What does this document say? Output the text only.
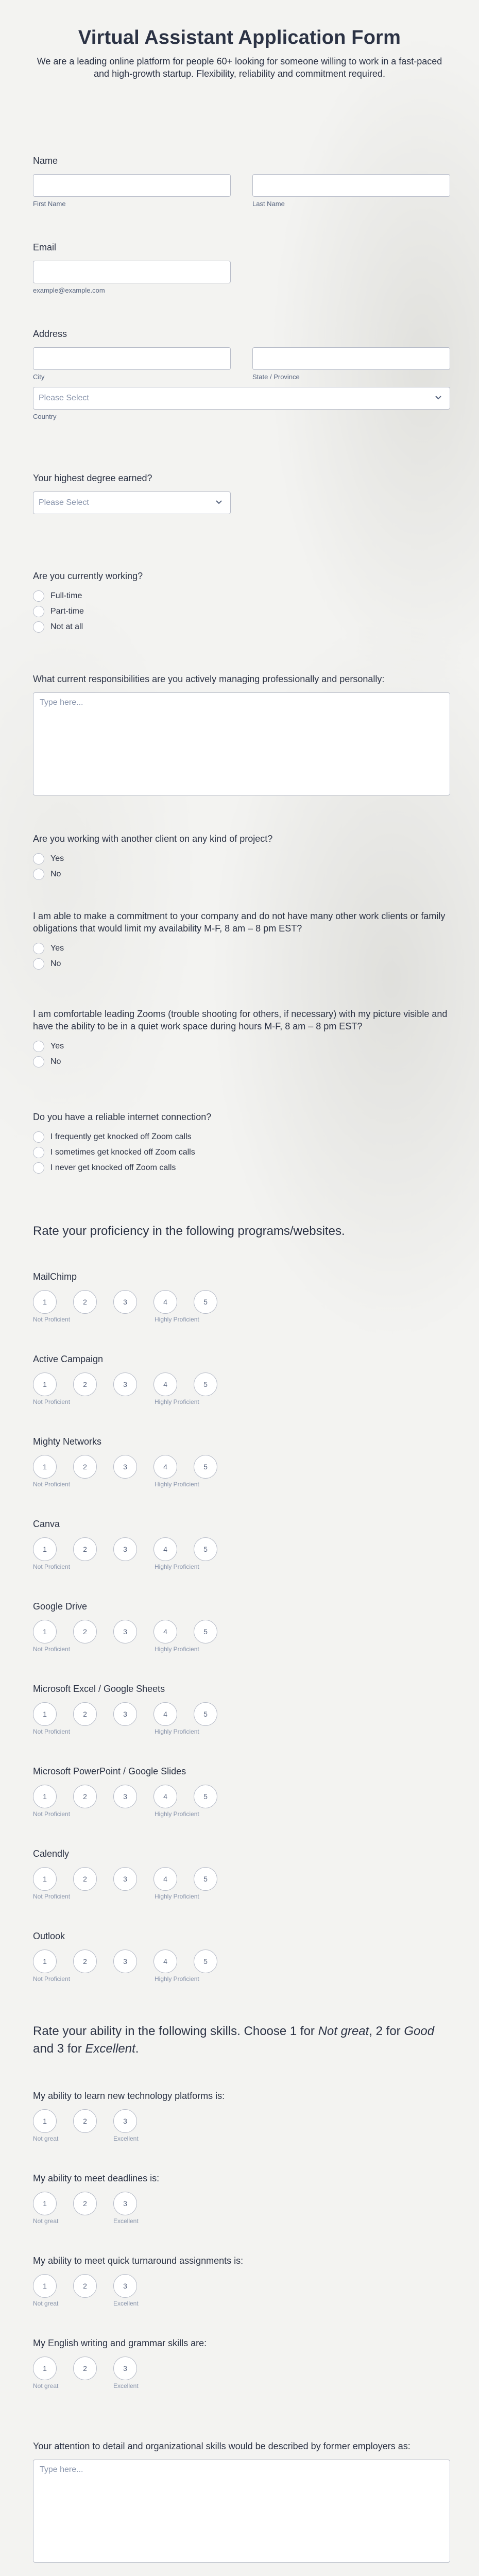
Virtual Assistant Application Form

We are a leading online platform for people 60+ looking for someone willing to work in a fast-paced and high-growth startup. Flexibility, reliability and commitment required.

Name
First Name	Last Name
Email
example@example.com
Address
City	State / Province
Please Select
Country
Your highest degree earned?
Please Select
Are you currently working?
Full-time
Part-time
Not at all
What current responsibilities are you actively managing professionally and personally:
Type here...
Are you working with another client on any kind of project?
Yes
No
I am able to make a commitment to your company and do not have many other work clients or family obligations that would limit my availability M-F, 8 am – 8 pm EST?
Yes
No
I am comfortable leading Zooms (trouble shooting for others, if necessary) with my picture visible and have the ability to be in a quiet work space during hours M-F, 8 am – 8 pm EST?
Yes
No
Do you have a reliable internet connection?
I frequently get knocked off Zoom calls
I sometimes get knocked off Zoom calls
I never get knocked off Zoom calls
Rate your proficiency in the following programs/websites.
MailChimp
1	2	3	4	5
Not Proficient	Highly Proficient
Active Campaign
1	2	3	4	5
Not Proficient	Highly Proficient
Mighty Networks
1	2	3	4	5
Not Proficient	Highly Proficient
Canva
1	2	3	4	5
Not Proficient	Highly Proficient
Google Drive
1	2	3	4	5
Not Proficient	Highly Proficient
Microsoft Excel / Google Sheets
1	2	3	4	5
Not Proficient	Highly Proficient
Microsoft PowerPoint / Google Slides
1	2	3	4	5
Not Proficient	Highly Proficient
Calendly
1	2	3	4	5
Not Proficient	Highly Proficient
Outlook
1	2	3	4	5
Not Proficient	Highly Proficient
Rate your ability in the following skills. Choose 1 for Not great, 2 for Good and 3 for Excellent.
My ability to learn new technology platforms is:
1	2	3
Not great	Excellent
My ability to meet deadlines is:
1	2	3
Not great	Excellent
My ability to meet quick turnaround assignments is:
1	2	3
Not great	Excellent
My English writing and grammar skills are:
1	2	3
Not great	Excellent
Your attention to detail and organizational skills would be described by former employers as:
Type here...
